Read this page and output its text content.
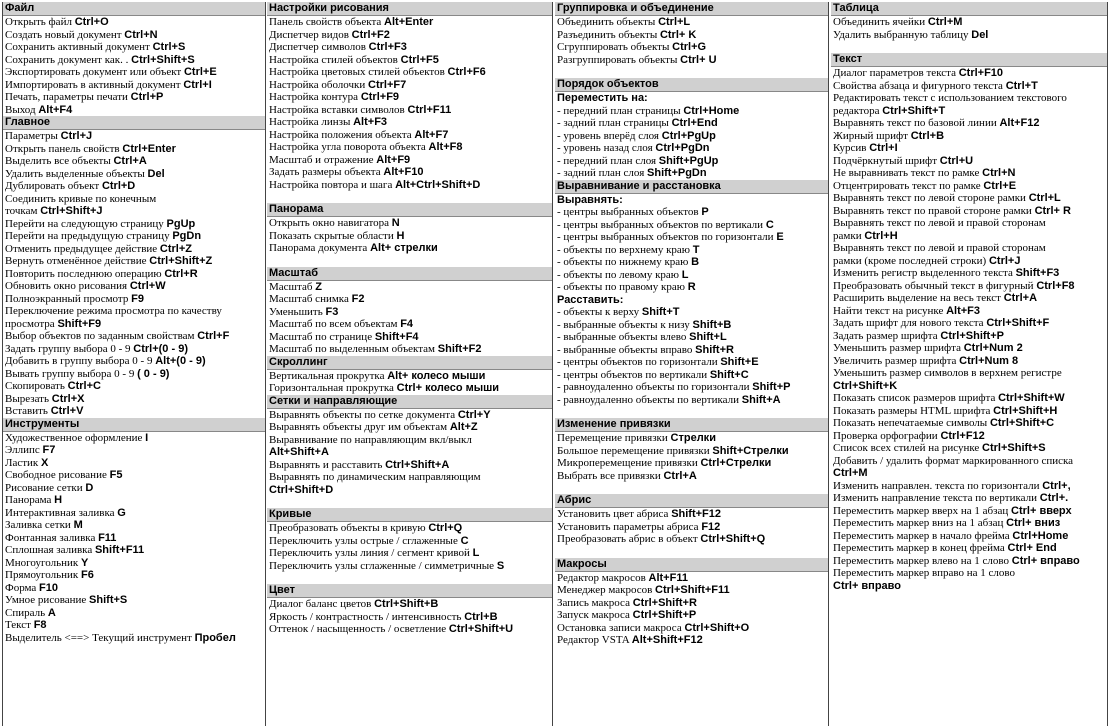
Файл
Открыть файл Ctrl+O
Создать новый документ Ctrl+N
Сохранить активный документ Ctrl+S
Сохранить документ как. . Ctrl+Shift+S
Экспортировать документ или объект Ctrl+E
Импортировать в активный документ Ctrl+I
Печать, параметры печати Ctrl+P
Выход Alt+F4
Главное
Параметры Ctrl+J
Открыть панель свойств Ctrl+Enter
Выделить все объекты Ctrl+A
Удалить выделенные объекты Del
Дублировать объект Ctrl+D
Соединить кривые по конечным
точкам Ctrl+Shift+J
Перейти на следующую страницу PgUp
Перейти на предыдущую страницу PgDn
Отменить предыдущее действие Ctrl+Z
Вернуть отменённое действие Ctrl+Shift+Z
Повторить последнюю операцию Ctrl+R
Обновить окно рисования Ctrl+W
Полноэкранный просмотр F9
Переключение режима просмотра по качеству
просмотра Shift+F9
Выбор объектов по заданным свойствам Ctrl+F
Задать группу выбора 0 - 9 Ctrl+(0 - 9)
Добавить в группу выбора 0 - 9 Alt+(0 - 9)
Вывать группу выбора 0 - 9 ( 0 - 9)
Скопировать Ctrl+C
Вырезать Ctrl+X
Вставить Ctrl+V
Инструменты
Художественное оформление I
Эллипс F7
Ластик X
Свободное рисование F5
Рисование сетки D
Панорама H
Интерактивная заливка G
Заливка сетки M
Фонтанная заливка F11
Сплошная заливка Shift+F11
Многоугольник Y
Прямоугольник F6
Форма F10
Умное рисование Shift+S
Спираль A
Текст F8
Выделитель <==> Текущий инструмент Пробел
Настройки рисования
Панель свойств объекта Alt+Enter
Диспетчер видов Ctrl+F2
Диспетчер символов Ctrl+F3
Настройка стилей объектов Ctrl+F5
Настройка цветовых стилей объектов Ctrl+F6
Настройка оболочки Ctrl+F7
Настройка контура Ctrl+F9
Настройка вставки символов Ctrl+F11
Настройка линзы Alt+F3
Настройка положения объекта Alt+F7
Настройка угла поворота объекта Alt+F8
Масштаб и отражение Alt+F9
Задать размеры объекта Alt+F10
Настройка повтора и шага Alt+Ctrl+Shift+D
Панорама
Открыть окно навигатора N
Показать скрытые области H
Панорама документа Alt+ стрелки
Масштаб
Масштаб Z
Масштаб снимка F2
Уменьшить F3
Масштаб по всем объектам F4
Масштаб по странице Shift+F4
Масштаб по выделенным объектам Shift+F2
Скроллинг
Вертикальная прокрутка Alt+ колесо мыши
Горизонтальная прокрутка Ctrl+ колесо мыши
Сетки и направляющие
Выравнять объекты по сетке документа Ctrl+Y
Выравнять объекты друг им объектам Alt+Z
Выравнивание по направляющим вкл/выкл
Alt+Shift+A
Выравнять и расставить Ctrl+Shift+A
Выравнять по динамическим направляющим
Ctrl+Shift+D
Кривые
Преобразовать объекты в кривую Ctrl+Q
Переключить узлы острые / сглаженные C
Переключить узлы линия / сегмент кривой L
Переключить узлы сглаженные / симметричные S
Цвет
Диалог баланс цветов Ctrl+Shift+B
Яркость / контрастность / интенсивность Ctrl+B
Оттенок / насыщенность / осветление Ctrl+Shift+U
Группировка и объединение
Объединить объекты Ctrl+L
Разъединить объекты Ctrl+ K
Сгруппировать объекты Ctrl+G
Разгруппировать объекты Ctrl+ U
Порядок объектов
Переместить на:
- передний план страницы Ctrl+Home
- задний план страницы Ctrl+End
- уровень вперёд слоя Ctrl+PgUp
- уровень назад слоя Ctrl+PgDn
- передний план слоя Shift+PgUp
- задний план слоя Shift+PgDn
Выравнивание и расстановка
Выравнять:
- центры выбранных объектов P
- центры выбранных объектов по вертикали C
- центры выбранных объектов по горизонтали E
- объекты по верхнему краю T
- объекты по нижнему краю B
- объекты по левому краю L
- объекты по правому краю R
Расставить:
- объекты к верху Shift+T
- выбранные объекты к низу Shift+B
- выбранные объекты влево Shift+L
- выбранные объекты вправо Shift+R
- центры объектов по горизонтали Shift+E
- центры объектов по вертикали Shift+C
- равноудаленно объекты по горизонтали Shift+P
- равноудаленно объекты по вертикали Shift+A
Изменение привязки
Перемещение привязки Стрелки
Большое перемещение привязки Shift+Стрелки
Микроперемещение привязки Ctrl+Стрелки
Выбрать все привязки Ctrl+A
Абрис
Установить цвет абриса Shift+F12
Установить параметры абриса F12
Преобразовать абрис в объект Ctrl+Shift+Q
Макросы
Редактор макросов Alt+F11
Менеджер макросов Ctrl+Shift+F11
Запись макроса Ctrl+Shift+R
Запуск макроса Ctrl+Shift+P
Остановка записи макроса Ctrl+Shift+O
Редактор VSTA Alt+Shift+F12
Таблица
Объединить ячейки Ctrl+M
Удалить выбранную таблицу Del
Текст
Диалог параметров текста Ctrl+F10
Свойства абзаца и фигурного текста Ctrl+T
Редактировать текст с использованием текстового
редактора Ctrl+Shift+T
Выравнять текст по базовой линии Alt+F12
Жирный шрифт Ctrl+B
Курсив Ctrl+I
Подчёркнутый шрифт Ctrl+U
Не выравнивать текст по рамке Ctrl+N
Отцентрировать текст по рамке Ctrl+E
Выравнять текст по левой стороне рамки Ctrl+L
Выравнять текст по правой стороне рамки Ctrl+ R
Выравнять текст по левой и правой сторонам
рамки Ctrl+H
Выравнять текст по левой и правой сторонам
рамки (кроме последней строки) Ctrl+J
Изменить регистр выделенного текста Shift+F3
Преобразовать обычный текст в фигурный Ctrl+F8
Расширить выделение на весь текст Ctrl+A
Найти текст на рисунке Alt+F3
Задать шрифт для нового текста Ctrl+Shift+F
Задать размер шрифта Ctrl+Shift+P
Уменьшить размер шрифта Ctrl+Num 2
Увеличить размер шрифта Ctrl+Num 8
Уменьшить размер символов в верхнем регистре
Ctrl+Shift+K
Показать список размеров шрифта Ctrl+Shift+W
Показать размеры HTML шрифта Ctrl+Shift+H
Показать непечатаемые символы Ctrl+Shift+C
Проверка орфографии Ctrl+F12
Список всех стилей на рисунке Ctrl+Shift+S
Добавить / удалить формат маркированного списка
Ctrl+M
Изменить направлен. текста по горизонтали Ctrl+,
Изменить направление текста по вертикали Ctrl+.
Переместить маркер вверх на 1 абзац Ctrl+ вверх
Переместить маркер вниз на 1 абзац Ctrl+ вниз
Переместить маркер в начало фрейма Ctrl+Home
Переместить маркер в конец фрейма Ctrl+ End
Переместить маркер влево на 1 слово Ctrl+ вправо
Переместить маркер вправо на 1 слово
Ctrl+ вправо
